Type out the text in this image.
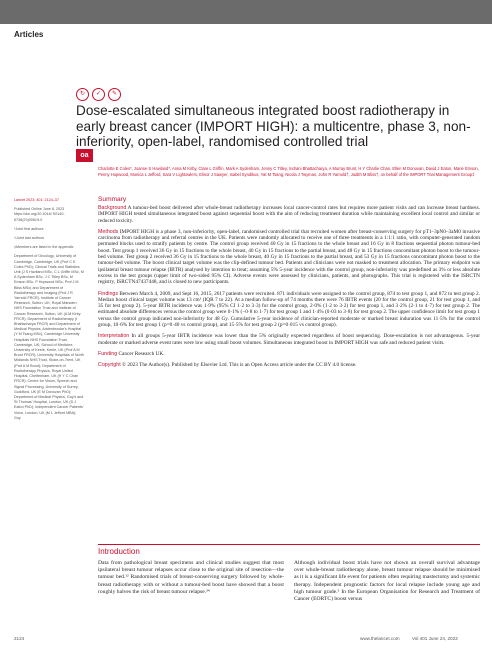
Articles
↻	✓	✎
Dose-escalated simultaneous integrated boost radiotherapy in early breast cancer (IMPORT HIGH): a multicentre, phase 3, non-inferiority, open-label, randomised controlled trial
oa
Charlotte E Coles*, Joanne S Haviland*, Anna M Kirby, Clare L Griffin, Mark A Sydenham, Jenny C Titley, Indrani Bhattacharya, A Murray Brunt, H Y Charlie Chan, Ellen M Donovan, David J Eaton, Marie Emson, Penny Hopwood, Monica L Jefford, Sara V Lightowlers, Elinor J Sawyer, Isabel Syndikus, Yat M Tsang, Nicola J Twyman, John R Yarnold†, Judith M Bliss†, on behalf of the IMPORT Trial Management Group‡

Lancet 2023; 401: 2124–37

Published Online June 8, 2023 https://doi.org/10.1016/ S0140-6736(23)00619-0

*Joint first authors

†Joint last authors

‡Members are listed in the appendix

Department of Oncology, University of Cambridge, Cambridge, UK (Prof C E Coles PhD); Clinical Trials and Statistics Unit (J S Haviland MSc, C L Griffin MSc, M A Sydenham BSc, J C Titley BSc, M Emson BSc, P Hopwood MSc, Prof J M Bliss MSc) and Department of Radiotherapy and Imaging (Prof J R Yarnold FRCR), Institute of Cancer Research, Sutton, UK; Royal Marsden NHS Foundation Trust and Institute of Cancer Research, Sutton, UK (A M Kirby FRCR); Department of Radiotherapy (I Bhattacharya FRCR) and Department of Medical Physics, Addenbrooke's Hospital (Y M Tsang MSc), Cambridge University Hospitals NHS Foundation Trust, Cambridge, UK; School of Medicine, University of Keele, Keele, UK (Prof A M Brunt FRCR); University Hospitals of North Midlands NHS Trust, Stoke-on-Trent, UK (Prof A M Brunt); Department of Radiotherapy Physics, Royal United Hospital, Cheltenham, UK (H Y C Chan FRCR); Centre for Vision, Speech and Signal Processing, University of Surrey, Guildford, UK (E M Donovan PhD); Department of Medical Physics, Guy's and St Thomas' Hospital, London, UK (D J Eaton PhD); Independent Cancer Patients' Voice, London, UK (M L Jefford MBA); Guy

Summary

Background A tumour-bed boost delivered after whole-breast radiotherapy increases local cancer-control rates but requires more patient visits and can increase breast hardness. IMPORT HIGH tested simultaneous integrated boost against sequential boost with the aim of reducing treatment duration while maintaining excellent local control and similar or reduced toxicity.

Methods IMPORT HIGH is a phase 3, non-inferiority, open-label, randomised controlled trial that recruited women after breast-conserving surgery for pT1–3pN0–3aM0 invasive carcinoma from radiotherapy and referral centres in the UK. Patients were randomly allocated to receive one of three treatments in a 1:1:1 ratio, with computer-generated random permuted blocks used to stratify patients by centre. The control group received 40 Gy in 15 fractions to the whole breast and 16 Gy in 8 fractions sequential photon tumour-bed boost. Test group 1 received 36 Gy in 15 fractions to the whole breast, 40 Gy in 15 fractions to the partial breast, and 48 Gy in 15 fractions concomitant photon boost to the tumour-bed volume. Test group 2 received 36 Gy in 15 fractions to the whole breast, 40 Gy in 15 fractions to the partial breast, and 53 Gy in 15 fractions concomitant photon boost to the tumour-bed volume. The boost clinical target volume was the clip-defined tumour bed. Patients and clinicians were not masked to treatment allocation. The primary endpoint was ipsilateral breast tumour relapse (IBTR) analysed by intention to treat; assuming 5% 5-year incidence with the control group, non-inferiority was predefined as 3% or less absolute excess in the test groups (upper limit of two-sided 95% CI). Adverse events were assessed by clinicians, patients, and photographs. This trial is registered with the ISRCTN registry, ISRCTN47437448, and is closed to new participants.

Findings Between March 4, 2009, and Sept 16, 2015, 2617 patients were recruited. 871 individuals were assigned to the control group, 874 to test group 1, and 872 to test group 2. Median boost clinical target volume was 13 cm³ (IQR 7 to 22). At a median follow-up of 74 months there were 76 IBTR events (20 for the control group, 21 for test group 1, and 35 for test group 2). 5-year IBTR incidence was 1·9% (95% CI 1·2 to 3·3) for the control group, 2·0% (1·2 to 3·2) for test group 1, and 3·2% (2·1 to 4·7) for test group 2. The estimated absolute differences versus the control group were 0·1% (−0·8 to 1·7) for test group 1 and 1·4% (0·03 to 3·8) for test group 2. The upper confidence limit for test group 1 versus the control group indicated non-inferiority for 48 Gy. Cumulative 5-year incidence of clinician-reported moderate or marked breast induration was 11·5% for the control group, 10·6% for test group 1 (p=0·40 vs control group), and 15·5% for test group 2 (p=0·015 vs control group).

Interpretation In all groups 5-year IBTR incidence was lower than the 5% originally expected regardless of boost sequencing. Dose-escalation is not advantageous. 5-year moderate or marked adverse event rates were low using small boost volumes. Simultaneous integrated boost in IMPORT HIGH was safe and reduced patient visits.

Funding Cancer Research UK.

Copyright © 2023 The Author(s). Published by Elsevier Ltd. This is an Open Access article under the CC BY 4.0 license.

Introduction

Data from pathological breast specimens and clinical studies suggest that most ipsilateral breast tumour relapses occur close to the original site of resection—the tumour bed.¹² Randomised trials of breast-conserving surgery followed by whole-breast radiotherapy with or without a tumour-bed boost have showed that a boost roughly halves the risk of breast tumour relapse.³⁴

Although individual boost trials have not shown an overall survival advantage over whole-breast radiotherapy alone, breast tumour relapse should be minimised as it is a significant life event for patients often requiring mastectomy and systemic therapy. Independent prognostic factors for local relapse include young age and high tumour grade.⁵ In the European Organisation for Research and Treatment of Cancer (EORTC) boost versus

2124	www.thelancet.com	Vol 401 June 24, 2023
